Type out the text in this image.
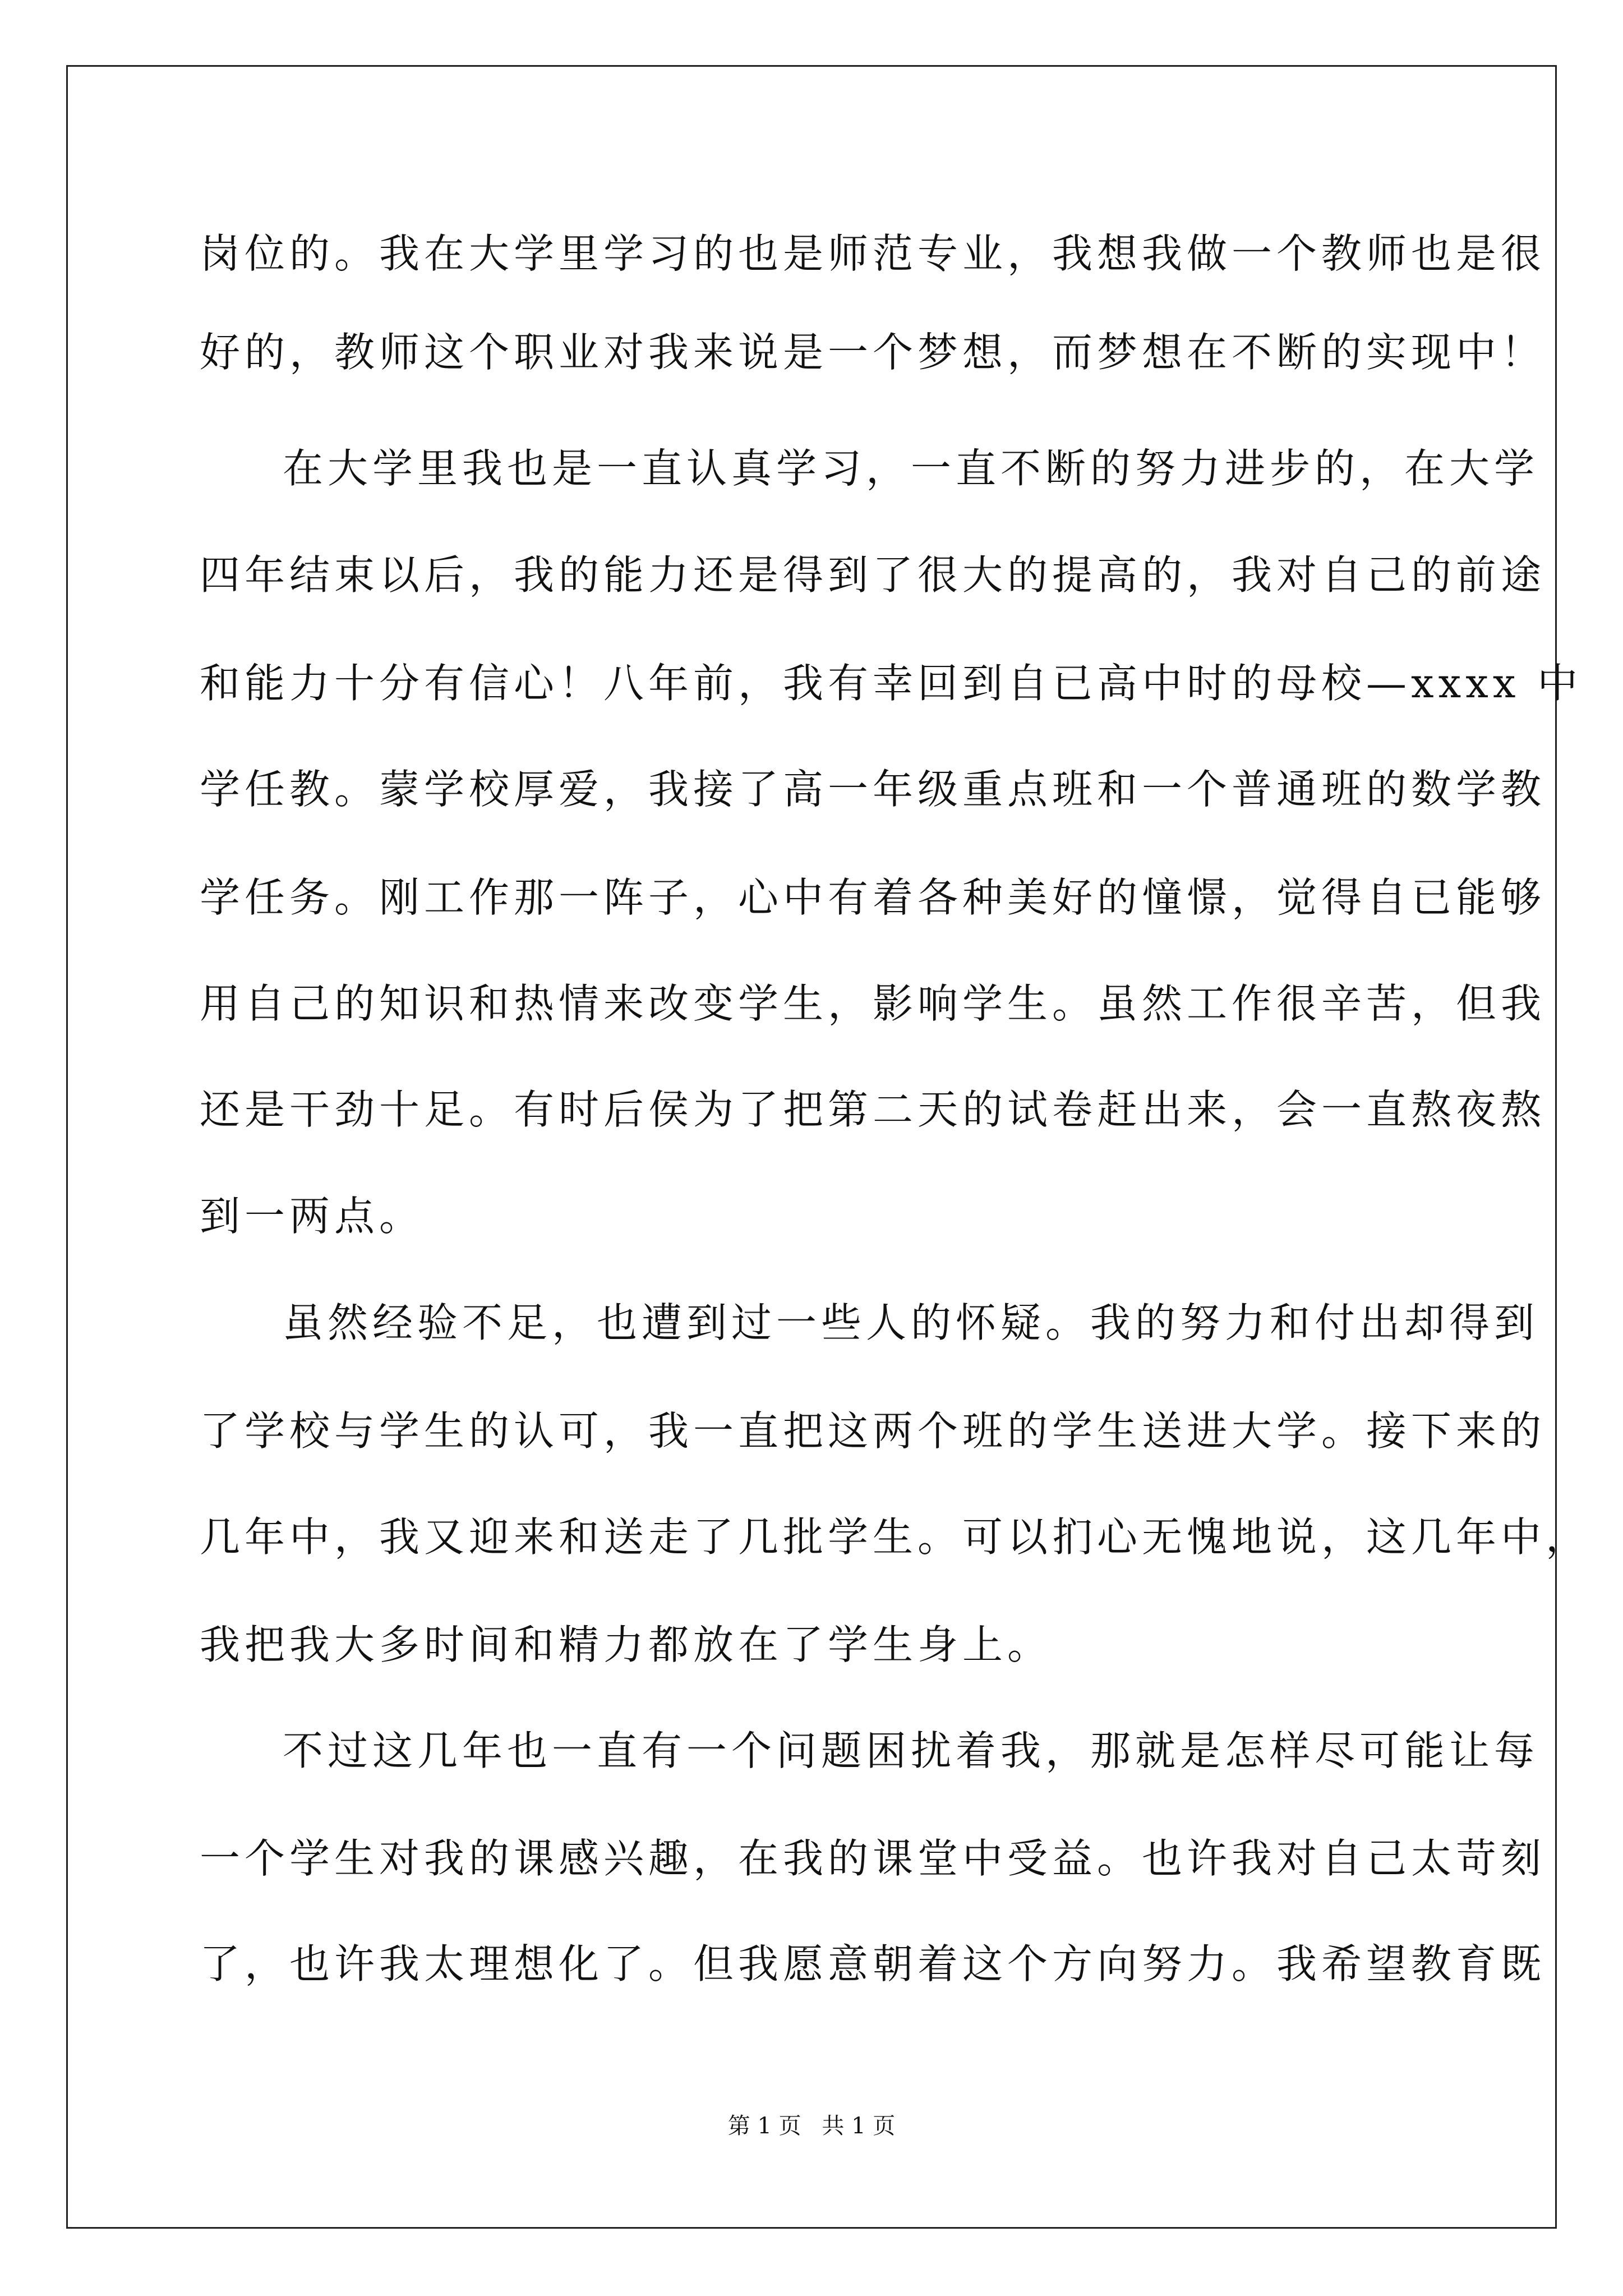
岗位的。我在大学里学习的也是师范专业，我想我做一个教师也是很
好的，教师这个职业对我来说是一个梦想，而梦想在不断的实现中！
在大学里我也是一直认真学习，一直不断的努力进步的，在大学
四年结束以后，我的能力还是得到了很大的提高的，我对自己的前途
和能力十分有信心！八年前，我有幸回到自已高中时的母校—xxxx 中
学任教。蒙学校厚爱，我接了高一年级重点班和一个普通班的数学教
学任务。刚工作那一阵子，心中有着各种美好的憧憬，觉得自已能够
用自己的知识和热情来改变学生，影响学生。虽然工作很辛苦，但我
还是干劲十足。有时后侯为了把第二天的试卷赶出来，会一直熬夜熬
到一两点。
虽然经验不足，也遭到过一些人的怀疑。我的努力和付出却得到
了学校与学生的认可，我一直把这两个班的学生送进大学。接下来的
几年中，我又迎来和送走了几批学生。可以扪心无愧地说，这几年中，
我把我大多时间和精力都放在了学生身上。
不过这几年也一直有一个问题困扰着我，那就是怎样尽可能让每
一个学生对我的课感兴趣，在我的课堂中受益。也许我对自己太苛刻
了，也许我太理想化了。但我愿意朝着这个方向努力。我希望教育既
第 1 页 共 1 页
